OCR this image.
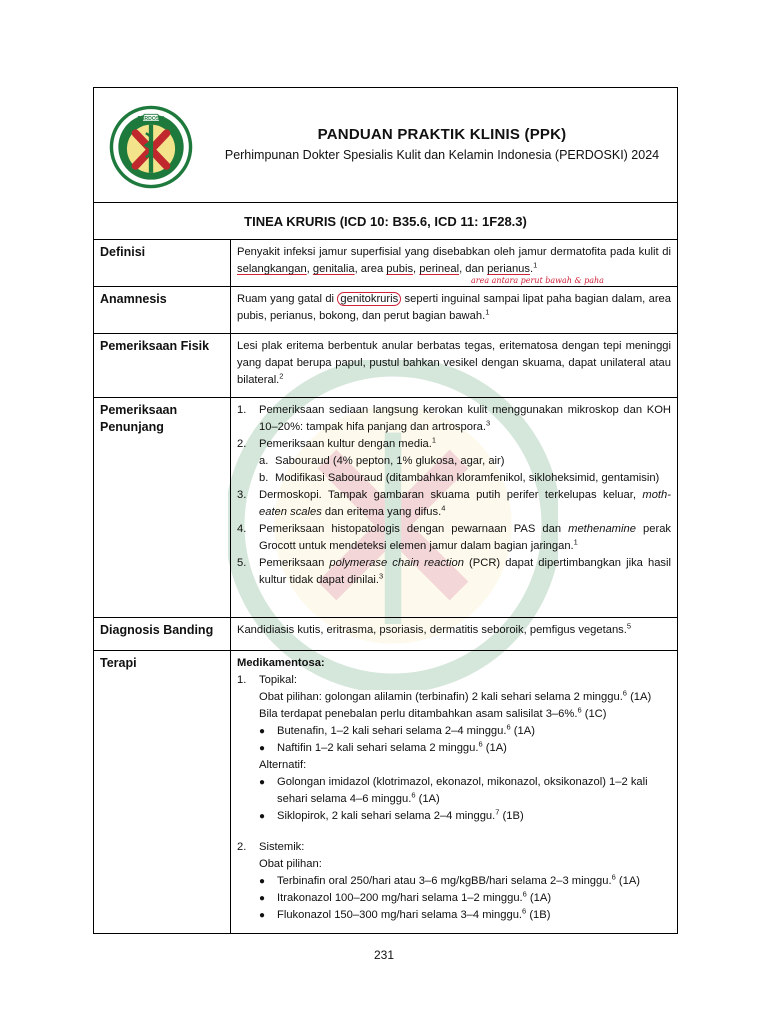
PERDOSKI
PANDUAN PRAKTIK KLINIS (PPK)
Perhimpunan Dokter Spesialis Kulit dan Kelamin Indonesia (PERDOSKI) 2024
TINEA KRURIS (ICD 10: B35.6, ICD 11: 1F28.3)
Definisi	Penyakit infeksi jamur superfisial yang disebabkan oleh jamur dermatofita pada kulit di selangkangan, genitalia, area pubis, perineal, dan perianus.$^1$
area antara perut bawah & paha
Anamnesis	Ruam yang gatal di genitokruris seperti inguinal sampai lipat paha bagian dalam, area pubis, perianus, bokong, dan perut bagian bawah.$^1$
Pemeriksaan Fisik	Lesi plak eritema berbentuk anular berbatas tegas, eritematosa dengan tepi meninggi yang dapat berupa papul, pustul bahkan vesikel dengan skuama, dapat unilateral atau bilateral.$^2$
Pemeriksaan Penunjang
1.	Pemeriksaan sediaan langsung kerokan kulit menggunakan mikroskop dan KOH 10–20%: tampak hifa panjang dan artrospora.$^3$
2.	Pemeriksaan kultur dengan media.$^1$
a. Sabouraud (4% pepton, 1% glukosa, agar, air)
b. Modifikasi Sabouraud (ditambahkan kloramfenikol, sikloheksimid, gentamisin)
3.	Dermoskopi. Tampak gambaran skuama putih perifer terkelupas keluar, moth-eaten scales dan eritema yang difus.$^4$
4.	Pemeriksaan histopatologis dengan pewarnaan PAS dan methenamine perak Grocott untuk mendeteksi elemen jamur dalam bagian jaringan.$^1$
5.	Pemeriksaan polymerase chain reaction (PCR) dapat dipertimbangkan jika hasil kultur tidak dapat dinilai.$^3$
Diagnosis Banding	Kandidiasis kutis, eritrasma, psoriasis, dermatitis seboroik, pemfigus vegetans.$^5$
Terapi	Medikamentosa:
1.	Topikal:
Obat pilihan: golongan alilamin (terbinafin) 2 kali sehari selama 2 minggu.$^6$ (1A)
Bila terdapat penebalan perlu ditambahkan asam salisilat 3–6%.$^6$ (1C)
●	Butenafin, 1–2 kali sehari selama 2–4 minggu.$^6$ (1A)
●	Naftifin 1–2 kali sehari selama 2 minggu.$^6$ (1A)
Alternatif:
●	Golongan imidazol (klotrimazol, ekonazol, mikonazol, oksikonazol) 1–2 kali sehari selama 4–6 minggu.$^6$ (1A)
●	Siklopirok, 2 kali sehari selama 2–4 minggu.$^7$ (1B)
2.	Sistemik:
Obat pilihan:
●	Terbinafin oral 250/hari atau 3–6 mg/kgBB/hari selama 2–3 minggu.$^6$ (1A)
●	Itrakonazol 100–200 mg/hari selama 1–2 minggu.$^6$ (1A)
●	Flukonazol 150–300 mg/hari selama 3–4 minggu.$^6$ (1B)
231
